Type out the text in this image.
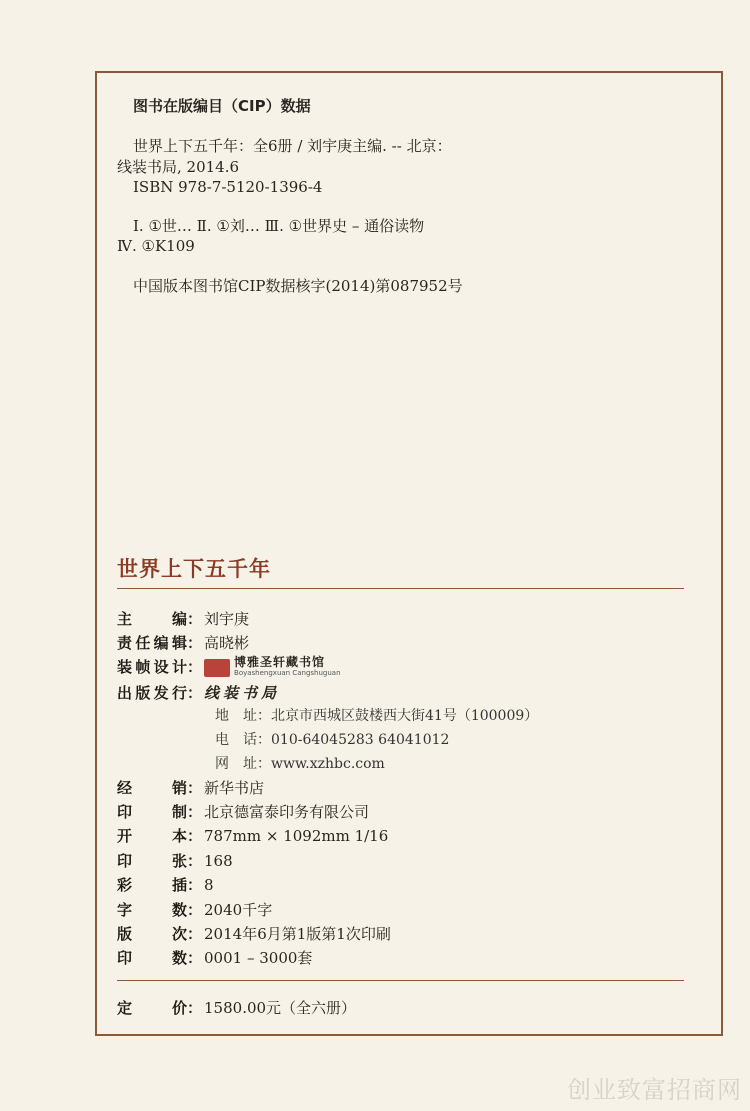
图书在版编目（CIP）数据
世界上下五千年：全6册 / 刘宇庚主编. -- 北京：
线装书局, 2014.6
ISBN 978-7-5120-1396-4
Ⅰ. ①世… Ⅱ. ①刘… Ⅲ. ①世界史 – 通俗读物
Ⅳ. ①K109
中国版本图书馆CIP数据核字(2014)第087952号
世界上下五千年
主编： 刘宇庚
责任编辑： 高晓彬
装帧设计：	博雅圣轩藏书馆
Boyashengxuan Cangshuguan
出版发行： 线装书局
地址：北京市西城区鼓楼西大街41号（100009）
电话：010-64045283 64041012
网址：www.xzhbc.com
经销： 新华书店
印制： 北京德富泰印务有限公司
开本： 787mm × 1092mm 1/16
印张： 168
彩插： 8
字数： 2040千字
版次： 2014年6月第1版第1次印刷
印数： 0001 – 3000套
定价： 1580.00元（全六册）
创业致富招商网
